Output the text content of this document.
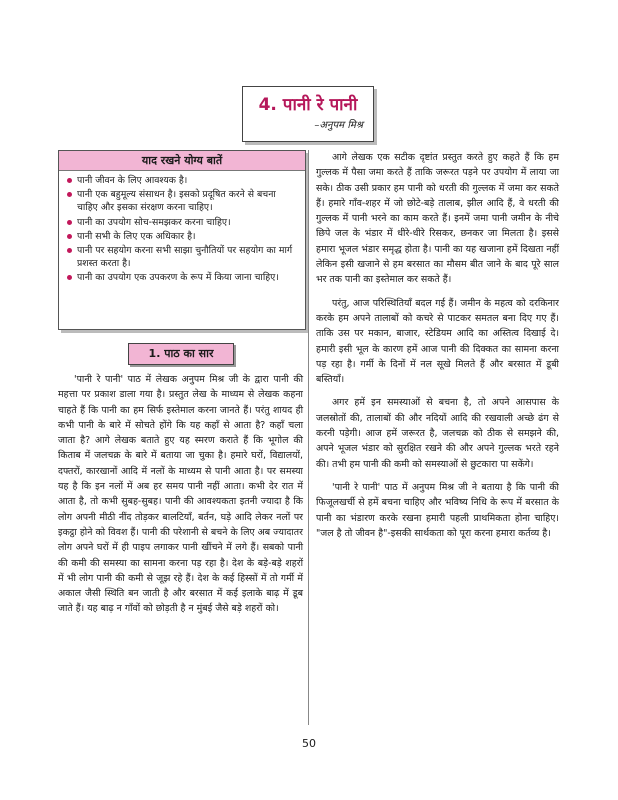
4. पानी रे पानी
–अनुपम मिश्र
याद रखने योग्य बातें
पानी जीवन के लिए आवश्यक है।
पानी एक बहुमूल्य संसाधन है। इसको प्रदूषित करने से बचना चाहिए और इसका संरक्षण करना चाहिए।
पानी का उपयोग सोच-समझकर करना चाहिए।
पानी सभी के लिए एक अधिकार है।
पानी पर सहयोग करना सभी साझा चुनौतियों पर सहयोग का मार्ग प्रशस्त करता है।
पानी का उपयोग एक उपकरण के रूप में किया जाना चाहिए।
1. पाठ का सार

'पानी रे पानी' पाठ में लेखक अनुपम मिश्र जी के द्वारा पानी की महत्ता पर प्रकाश डाला गया है। प्रस्तुत लेख के माध्यम से लेखक कहना चाहते हैं कि पानी का हम सिर्फ इस्तेमाल करना जानते हैं। परंतु शायद ही कभी पानी के बारे में सोचते होंगे कि यह कहाँ से आता है? कहाँ चला जाता है? आगे लेखक बताते हुए यह स्मरण कराते हैं कि भूगोल की किताब में जलचक्र के बारे में बताया जा चुका है। हमारे घरों, विद्यालयों, दफ्तरों, कारखानों आदि में नलों के माध्यम से पानी आता है। पर समस्या यह है कि इन नलों में अब हर समय पानी नहीं आता। कभी देर रात में आता है, तो कभी सुबह-सुबह। पानी की आवश्यकता इतनी ज्यादा है कि लोग अपनी मीठी नींद तोड़कर बालटियाँ, बर्तन, घड़े आदि लेकर नलों पर इकट्ठा होने को विवश हैं। पानी की परेशानी से बचने के लिए अब ज्यादातर लोग अपने घरों में ही पाइप लगाकर पानी खींचने में लगे हैं। सबको पानी की कमी की समस्या का सामना करना पड़ रहा है। देश के बड़े-बड़े शहरों में भी लोग पानी की कमी से जूझ रहे हैं। देश के कई हिस्सों में तो गर्मी में अकाल जैसी स्थिति बन जाती है और बरसात में कई इलाके बाढ़ में डूब जाते हैं। यह बाढ़ न गाँवों को छोड़ती है न मुंबई जैसे बड़े शहरों को।

आगे लेखक एक सटीक दृष्टांत प्रस्तुत करते हुए कहते हैं कि हम गुल्लक में पैसा जमा करते हैं ताकि जरूरत पड़ने पर उपयोग में लाया जा सके। ठीक उसी प्रकार हम पानी को धरती की गुल्लक में जमा कर सकते हैं। हमारे गाँव-शहर में जो छोटे-बड़े तालाब, झील आदि हैं, वे धरती की गुल्लक में पानी भरने का काम करते हैं। इनमें जमा पानी जमीन के नीचे छिपे जल के भंडार में धीरे-धीरे रिसकर, छनकर जा मिलता है। इससे हमारा भूजल भंडार समृद्ध होता है। पानी का यह खजाना हमें दिखता नहीं लेकिन इसी खजाने से हम बरसात का मौसम बीत जाने के बाद पूरे साल भर तक पानी का इस्तेमाल कर सकते हैं।

परंतु, आज परिस्थितियाँ बदल गई हैं। जमीन के महत्व को दरकिनार करके हम अपने तालाबों को कचरे से पाटकर समतल बना दिए गए हैं। ताकि उस पर मकान, बाजार, स्टेडियम आदि का अस्तित्व दिखाई दे। हमारी इसी भूल के कारण हमें आज पानी की दिक्कत का सामना करना पड़ रहा है। गर्मी के दिनों में नल सूखे मिलते हैं और बरसात में डूबी बस्तियाँ।

अगर हमें इन समस्याओं से बचना है, तो अपने आसपास के जलस्रोतों की, तालाबों की और नदियों आदि की रखवाली अच्छे ढंग से करनी पड़ेगी। आज हमें जरूरत है, जलचक्र को ठीक से समझने की, अपने भूजल भंडार को सुरक्षित रखने की और अपने गुल्लक भरते रहने की। तभी हम पानी की कमी को समस्याओं से छुटकारा पा सकेंगे।

'पानी रे पानी' पाठ में अनुपम मिश्र जी ने बताया है कि पानी की फिजूलखर्ची से हमें बचना चाहिए और भविष्य निधि के रूप में बरसात के पानी का भंडारण करके रखना हमारी पहली प्राथमिकता होना चाहिए। "जल है तो जीवन है"-इसकी सार्थकता को पूरा करना हमारा कर्तव्य है।

50
